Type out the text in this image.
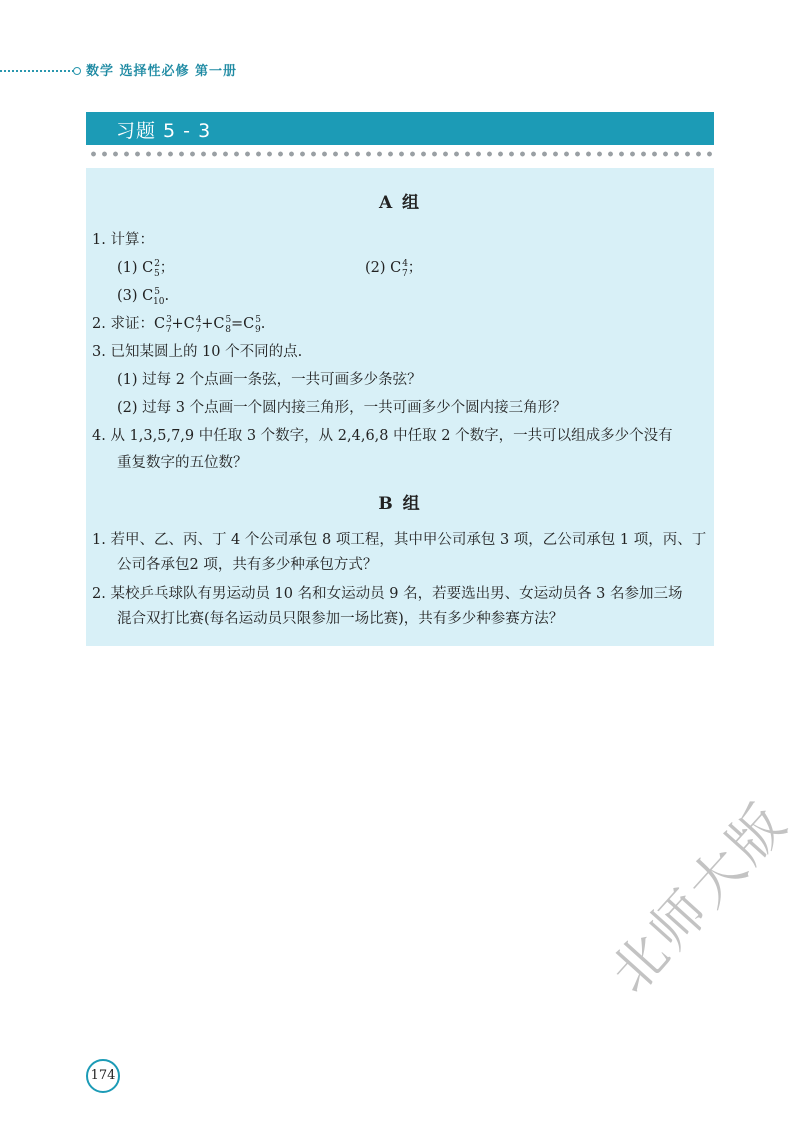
数学 选择性必修 第一册
习题 5 - 3
A 组
1. 计算：
(1) $C^2_5$；	(2) $C^4_7$；
(3) $C^5_{10}$.
2. 求证：$C^3_7+C^4_7+C^5_8=C^5_9$.
3. 已知某圆上的 10 个不同的点.
(1) 过每 2 个点画一条弦，一共可画多少条弦？
(2) 过每 3 个点画一个圆内接三角形，一共可画多少个圆内接三角形？
4. 从 1,3,5,7,9 中任取 3 个数字，从 2,4,6,8 中任取 2 个数字，一共可以组成多少个没有
重复数字的五位数？
B 组
1. 若甲、乙、丙、丁 4 个公司承包 8 项工程，其中甲公司承包 3 项，乙公司承包 1 项，丙、丁
公司各承包2 项，共有多少种承包方式？
2. 某校乒乓球队有男运动员 10 名和女运动员 9 名，若要选出男、女运动员各 3 名参加三场
混合双打比赛(每名运动员只限参加一场比赛)，共有多少种参赛方法？
174
北师大版
